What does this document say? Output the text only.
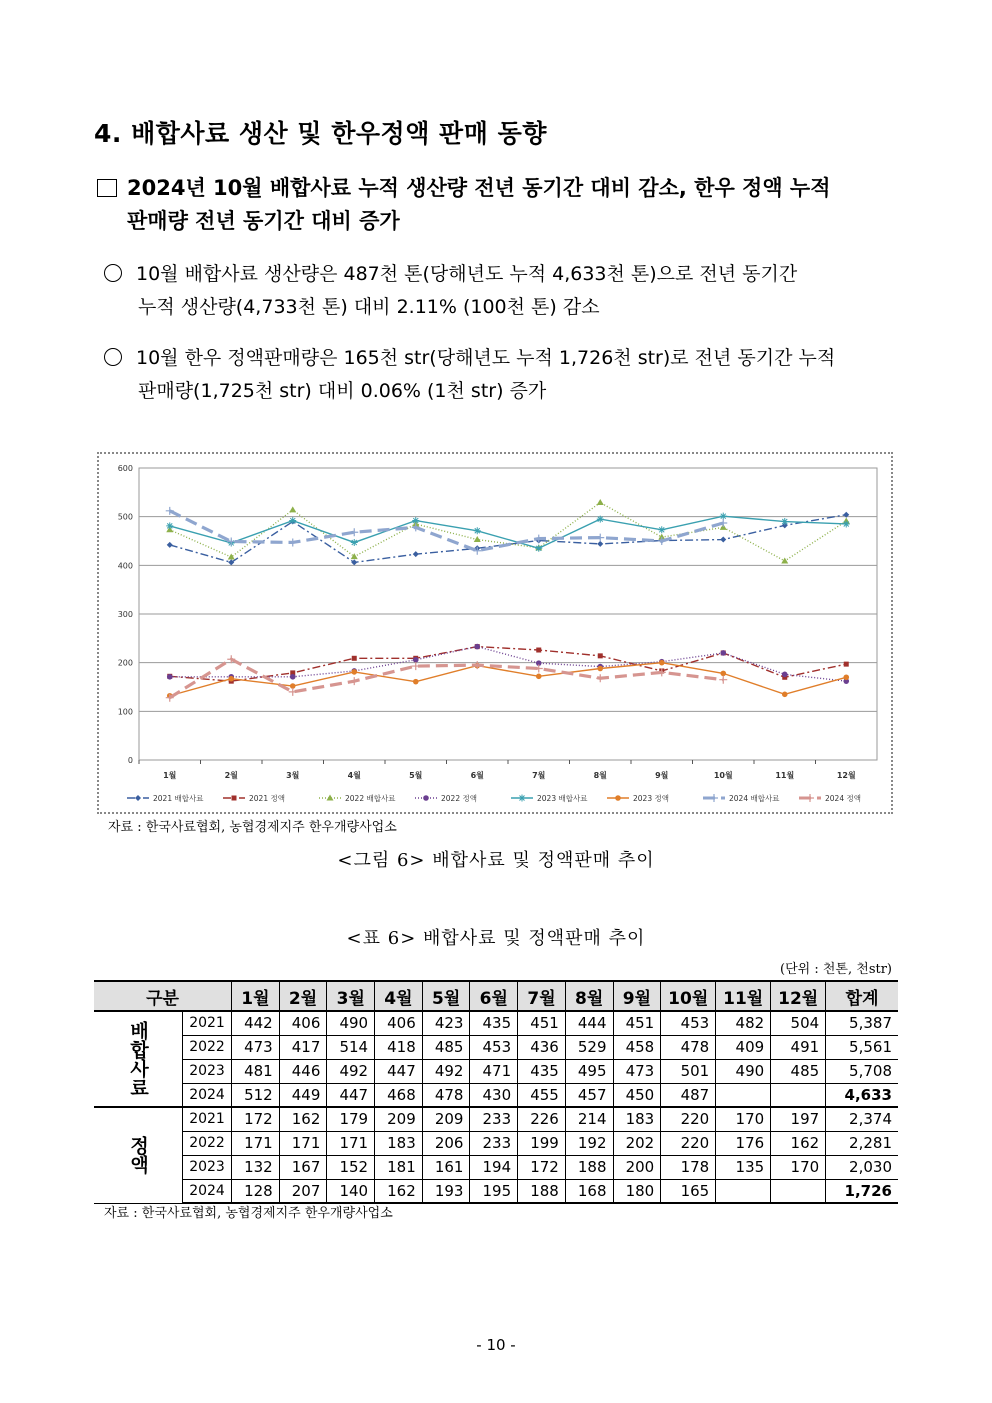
4. 배합사료 생산 및 한우정액 판매 동향
2024년 10월 배합사료 누적 생산량 전년 동기간 대비 감소, 한우 정액 누적
판매량 전년 동기간 대비 증가
10월 배합사료 생산량은 487천 톤(당해년도 누적 4,633천 톤)으로 전년 동기간
누적 생산량(4,733천 톤) 대비 2.11% (100천 톤) 감소
10월 한우 정액판매량은 165천 str(당해년도 누적 1,726천 str)로 전년 동기간 누적
판매량(1,725천 str) 대비 0.06% (1천 str) 증가
0
100
200
300
400
500
600
1월	2월	3월	4월	5월	6월	7월	8월	9월	10월	11월	12월
2021 배합사료	2021 정액	2022 배합사료	2022 정액	2023 배합사료	2023 정액	2024 배합사료	2024 정액
자료 : 한국사료협회, 농협경제지주 한우개량사업소
<그림 6> 배합사료 및 정액판매 추이
<표 6> 배합사료 및 정액판매 추이
(단위 : 천톤, 천str)
구분		1월	2월	3월	4월	5월	6월	7월	8월	9월	10월	11월	12월	합계
배합사료	2021	442	406	490	406	423	435	451	444	451	453	482	504	5,387
	2022	473	417	514	418	485	453	436	529	458	478	409	491	5,561
	2023	481	446	492	447	492	471	435	495	473	501	490	485	5,708
	2024	512	449	447	468	478	430	455	457	450	487			4,633
정액	2021	172	162	179	209	209	233	226	214	183	220	170	197	2,374
	2022	171	171	171	183	206	233	199	192	202	220	176	162	2,281
	2023	132	167	152	181	161	194	172	188	200	178	135	170	2,030
	2024	128	207	140	162	193	195	188	168	180	165			1,726
자료 : 한국사료협회, 농협경제지주 한우개량사업소
- 10 -
